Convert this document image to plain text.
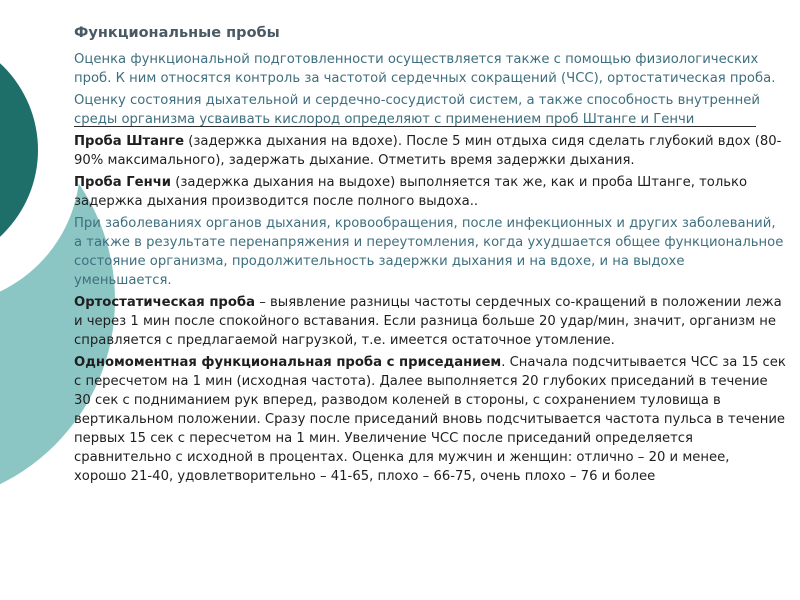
Функциональные пробы
Оценка функциональной подготовленности осуществляется также с помощью физиологических проб. К ним относятся контроль за частотой сердечных сокращений (ЧСС), ортостатическая проба.
Оценку состояния дыхательной и сердечно-сосудистой систем, а также способность внутренней среды организма усваивать кислород определяют с применением проб Штанге и Генчи
Проба Штанге (задержка дыхания на вдохе). После 5 мин отдыха сидя сделать глубокий вдох (80-90% максимального), задержать дыхание. Отметить время задержки дыхания.
Проба Генчи (задержка дыхания на выдохе) выполняется так же, как и проба Штанге, только задержка дыхания производится после полного выдоха..
При заболеваниях органов дыхания, кровообращения, после инфекционных и других заболеваний, а также в результате перенапряжения и переутомления, когда ухудшается общее функциональное состояние организма, продолжительность задержки дыхания и на вдохе, и на выдохе уменьшается.
Ортостатическая проба – выявление разницы частоты сердечных со-кращений в положении лежа и через 1 мин после спокойного вставания. Если разница больше 20 удар/мин, значит, организм не справляется с предлагаемой нагрузкой, т.е. имеется остаточное утомление.
Одномоментная функциональная проба с приседанием. Сначала подсчитывается ЧСС за 15 сек с пересчетом на 1 мин (исходная частота). Далее выполняется 20 глубоких приседаний в течение 30 сек с подниманием рук вперед, разводом коленей в стороны, с сохранением туловища в вертикальном положении. Сразу после приседаний вновь подсчитывается частота пульса в течение первых 15 сек с пересчетом на 1 мин. Увеличение ЧСС после приседаний определяется сравнительно с исходной в процентах. Оценка для мужчин и женщин: отлично – 20 и менее, хорошо 21-40, удовлетворительно – 41-65, плохо – 66-75, очень плохо – 76 и более
